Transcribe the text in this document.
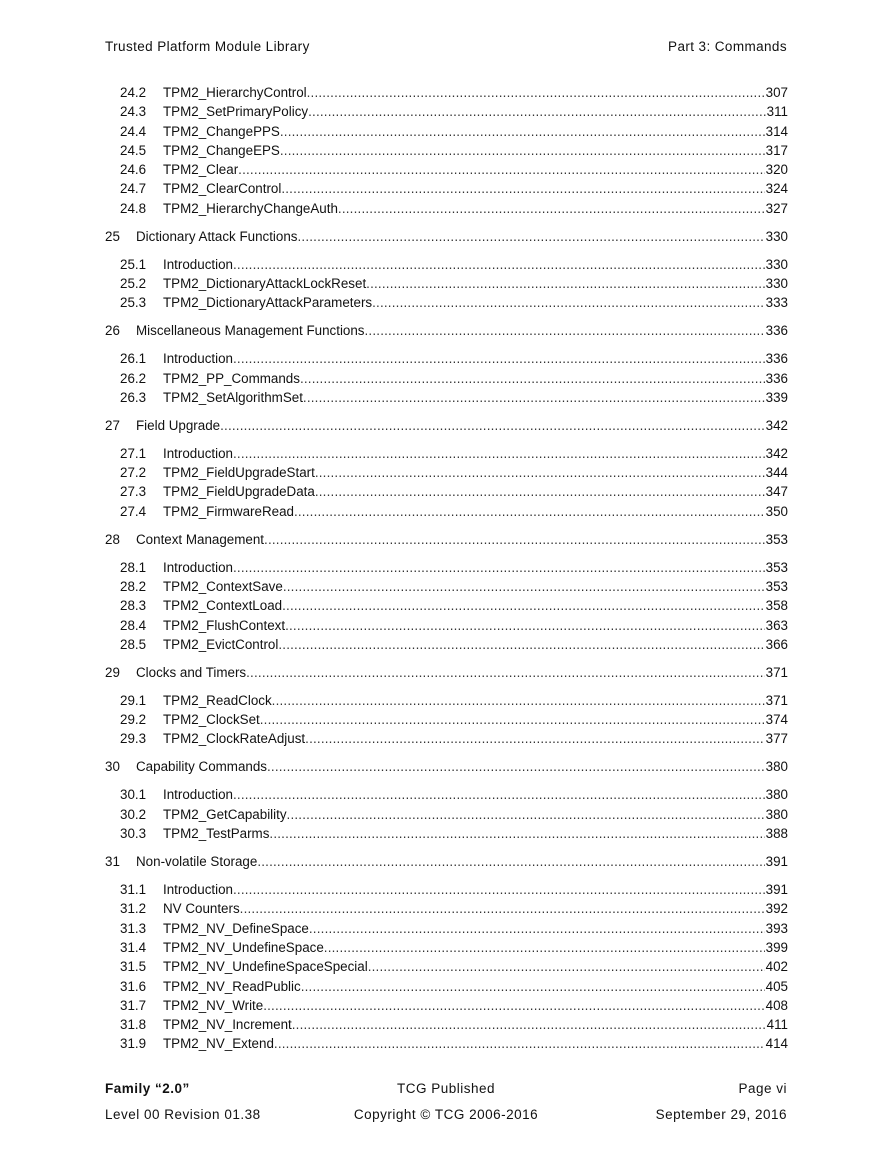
Trusted Platform Module Library	Part 3: Commands
24.2	TPM2_HierarchyControl .....	307
24.3	TPM2_SetPrimaryPolicy .....	311
24.4	TPM2_ChangePPS .....	314
24.5	TPM2_ChangeEPS .....	317
24.6	TPM2_Clear .....	320
24.7	TPM2_ClearControl .....	324
24.8	TPM2_HierarchyChangeAuth .....	327
25	Dictionary Attack Functions .....	330
25.1	Introduction .....	330
25.2	TPM2_DictionaryAttackLockReset .....	330
25.3	TPM2_DictionaryAttackParameters .....	333
26	Miscellaneous Management Functions .....	336
26.1	Introduction .....	336
26.2	TPM2_PP_Commands .....	336
26.3	TPM2_SetAlgorithmSet .....	339
27	Field Upgrade .....	342
27.1	Introduction .....	342
27.2	TPM2_FieldUpgradeStart .....	344
27.3	TPM2_FieldUpgradeData .....	347
27.4	TPM2_FirmwareRead .....	350
28	Context Management .....	353
28.1	Introduction .....	353
28.2	TPM2_ContextSave .....	353
28.3	TPM2_ContextLoad .....	358
28.4	TPM2_FlushContext .....	363
28.5	TPM2_EvictControl .....	366
29	Clocks and Timers .....	371
29.1	TPM2_ReadClock .....	371
29.2	TPM2_ClockSet .....	374
29.3	TPM2_ClockRateAdjust .....	377
30	Capability Commands .....	380
30.1	Introduction .....	380
30.2	TPM2_GetCapability .....	380
30.3	TPM2_TestParms .....	388
31	Non-volatile Storage .....	391
31.1	Introduction .....	391
31.2	NV Counters .....	392
31.3	TPM2_NV_DefineSpace .....	393
31.4	TPM2_NV_UndefineSpace .....	399
31.5	TPM2_NV_UndefineSpaceSpecial .....	402
31.6	TPM2_NV_ReadPublic .....	405
31.7	TPM2_NV_Write .....	408
31.8	TPM2_NV_Increment .....	411
31.9	TPM2_NV_Extend .....	414
Family “2.0”	TCG Published	Page vi
Level 00 Revision 01.38	Copyright © TCG 2006-2016	September 29, 2016
